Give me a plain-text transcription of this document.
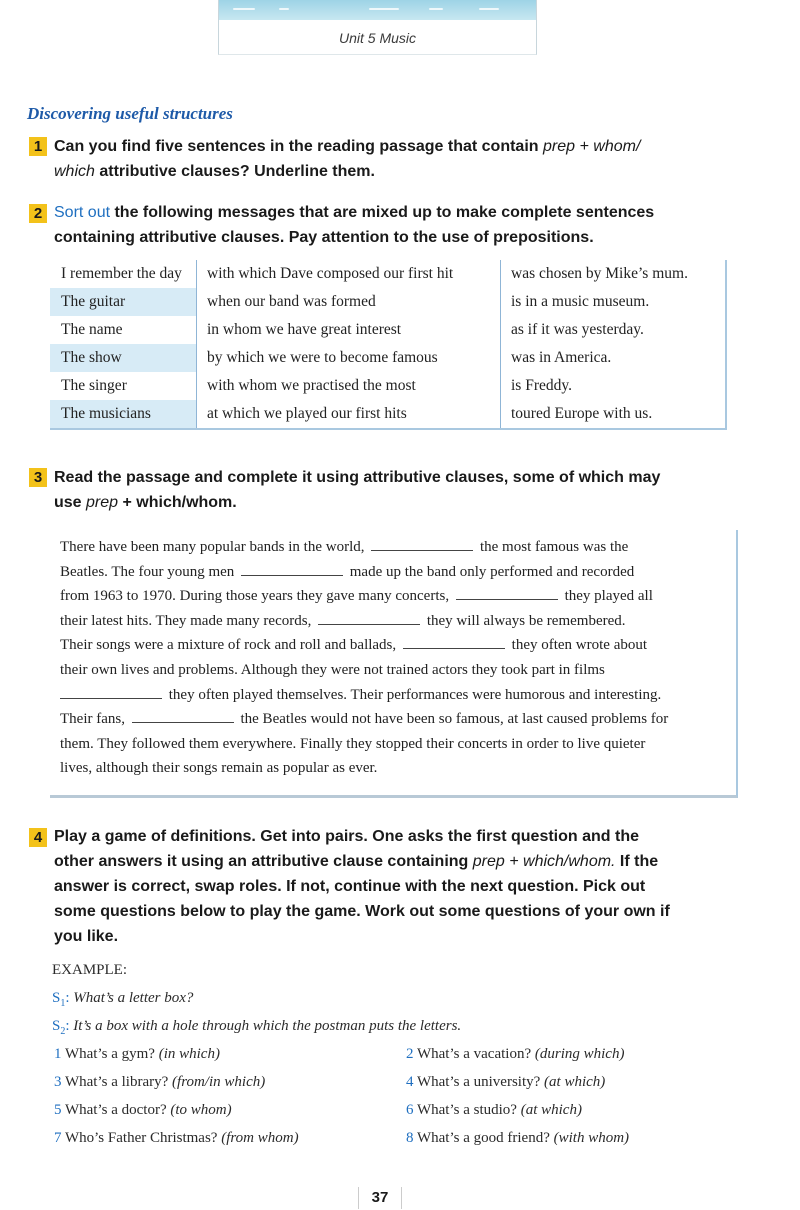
Unit 5 Music
Discovering useful structures
1 Can you find five sentences in the reading passage that contain prep + whom/
which attributive clauses? Underline them.
2 Sort out the following messages that are mixed up to make complete sentences
containing attributive clauses. Pay attention to the use of prepositions.
I remember the day	with which Dave composed our first hit	was chosen by Mike’s mum.
The guitar	when our band was formed	is in a music museum.
The name	in whom we have great interest	as if it was yesterday.
The show	by which we were to become famous	was in America.
The singer	with whom we practised the most	is Freddy.
The musicians	at which we played our first hits	toured Europe with us.
3 Read the passage and complete it using attributive clauses, some of which may
use prep + which/whom.
There have been many popular bands in the world,	the most famous was the
Beatles. The four young men	made up the band only performed and recorded
from 1963 to 1970. During those years they gave many concerts,	they played all
their latest hits. They made many records,	they will always be remembered.
Their songs were a mixture of rock and roll and ballads,	they often wrote about
their own lives and problems. Although they were not trained actors they took part in films
they often played themselves. Their performances were humorous and interesting.
Their fans,	the Beatles would not have been so famous, at last caused problems for
them. They followed them everywhere. Finally they stopped their concerts in order to live quieter
lives, although their songs remain as popular as ever.
4 Play a game of definitions. Get into pairs. One asks the first question and the
other answers it using an attributive clause containing prep + which/whom. If the
answer is correct, swap roles. If not, continue with the next question. Pick out
some questions below to play the game. Work out some questions of your own if
you like.
EXAMPLE:
$S_1$: What’s a letter box?
$S_2$: It’s a box with a hole through which the postman puts the letters.
1 What’s a gym? (in which)	2 What’s a vacation? (during which)
3 What’s a library? (from/in which)	4 What’s a university? (at which)
5 What’s a doctor? (to whom)	6 What’s a studio? (at which)
7 Who’s Father Christmas? (from whom)	8 What’s a good friend? (with whom)
37
